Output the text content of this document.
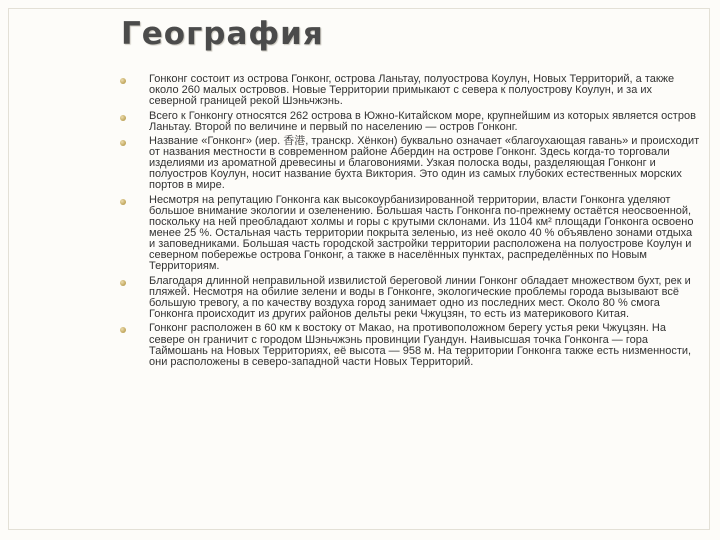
География
Гонконг состоит из острова Гонконг, острова Ланьтау, полуострова Коулун, Новых Территорий, а также около 260 малых островов. Новые Территории примыкают с севера к полуострову Коулун, и за их северной границей рекой Шэньчжэнь.
Всего к Гонконгу относятся 262 острова в Южно-Китайском море, крупнейшим из которых является остров Ланьтау. Второй по величине и первый по населению — остров Гонконг.
Название «Гонконг» (иер. 香港, транскр. Хёнкон) буквально означает «благоухающая гавань» и происходит от названия местности в современном районе Абердин на острове Гонконг. Здесь когда-то торговали изделиями из ароматной древесины и благовониями. Узкая полоска воды, разделяющая Гонконг и полуостров Коулун, носит название бухта Виктория. Это один из самых глубоких естественных морских портов в мире.
Несмотря на репутацию Гонконга как высокоурбанизированной территории, власти Гонконга уделяют большое внимание экологии и озеленению. Большая часть Гонконга по-прежнему остаётся неосвоенной, поскольку на ней преобладают холмы и горы с крутыми склонами. Из 1104 км² площади Гонконга освоено менее 25 %. Остальная часть территории покрыта зеленью, из неё около 40 % объявлено зонами отдыха и заповедниками. Большая часть городской застройки территории расположена на полуострове Коулун и северном побережье острова Гонконг, а также в населённых пунктах, распределённых по Новым Территориям.
Благодаря длинной неправильной извилистой береговой линии Гонконг обладает множеством бухт, рек и пляжей. Несмотря на обилие зелени и воды в Гонконге, экологические проблемы города вызывают всё большую тревогу, а по качеству воздуха город занимает одно из последних мест. Около 80 % смога Гонконга происходит из других районов дельты реки Чжуцзян, то есть из материкового Китая.
Гонконг расположен в 60 км к востоку от Макао, на противоположном берегу устья реки Чжуцзян. На севере он граничит с городом Шэньчжэнь провинции Гуандун. Наивысшая точка Гонконга — гора Таймошань на Новых Территориях, её высота — 958 м. На территории Гонконга также есть низменности, они расположены в северо-западной части Новых Территорий.
